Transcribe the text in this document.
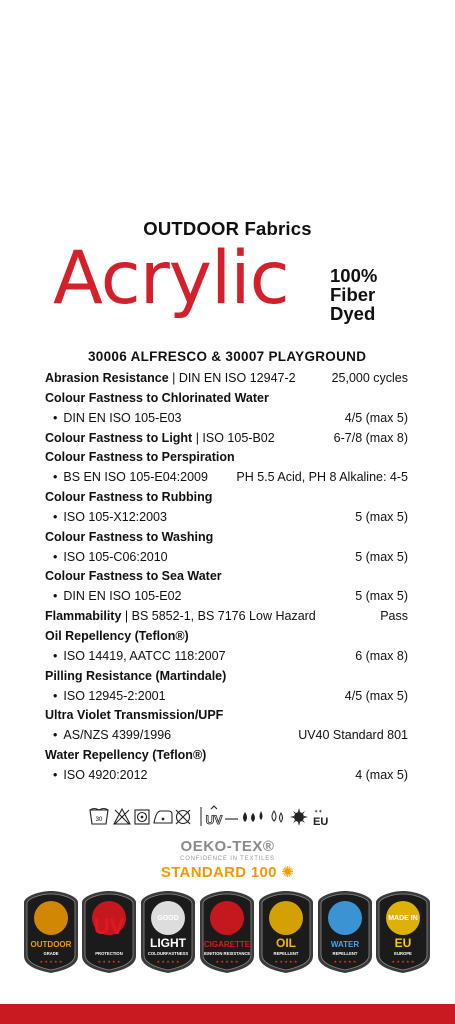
OUTDOOR Fabrics
Acrylic 100%
Fiber
Dyed
30006 ALFRESCO & 30007 PLAYGROUND
Abrasion Resistance | DIN EN ISO 12947-2	25,000 cycles
Colour Fastness to Chlorinated Water
• DIN EN ISO 105-E03	4/5 (max 5)
Colour Fastness to Light | ISO 105-B02	6-7/8 (max 8)
Colour Fastness to Perspiration
• BS EN ISO 105-E04:2009 PH 5.5 Acid, PH 8 Alkaline: 4-5
Colour Fastness to Rubbing
• ISO 105-X12:2003	5 (max 5)
Colour Fastness to Washing
• ISO 105-C06:2010	5 (max 5)
Colour Fastness to Sea Water
• DIN EN ISO 105-E02	5 (max 5)
Flammability | BS 5852-1, BS 7176 Low Hazard	Pass
Oil Repellency (Teflon®)
• ISO 14419, AATCC 118:2007	6 (max 8)
Pilling Resistance (Martindale)
• ISO 12945-2:2001	4/5 (max 5)
Ultra Violet Transmission/UPF
• AS/NZS 4399/1996	UV40 Standard 801
Water Repellency (Teflon®)
• ISO 4920:2012	4 (max 5)
30	UV
✶✶
EU
OEKO-TEX®
CONFIDENCE IN TEXTILES
STANDARD 100 ✺
OUTDOOR
GRADE
★ ★ ★ ★ ★
UV
PROTECTION
★ ★ ★ ★ ★
GOOD
LIGHT
COLOURFASTNESS
★ ★ ★ ★ ★
CIGARETTE
IGNITION RESISTANCE
★ ★ ★ ★ ★
OIL
REPELLENT
★ ★ ★ ★ ★
WATER
REPELLENT
★ ★ ★ ★ ★
MADE IN
EU
EUROPE
★ ★ ★ ★ ★
